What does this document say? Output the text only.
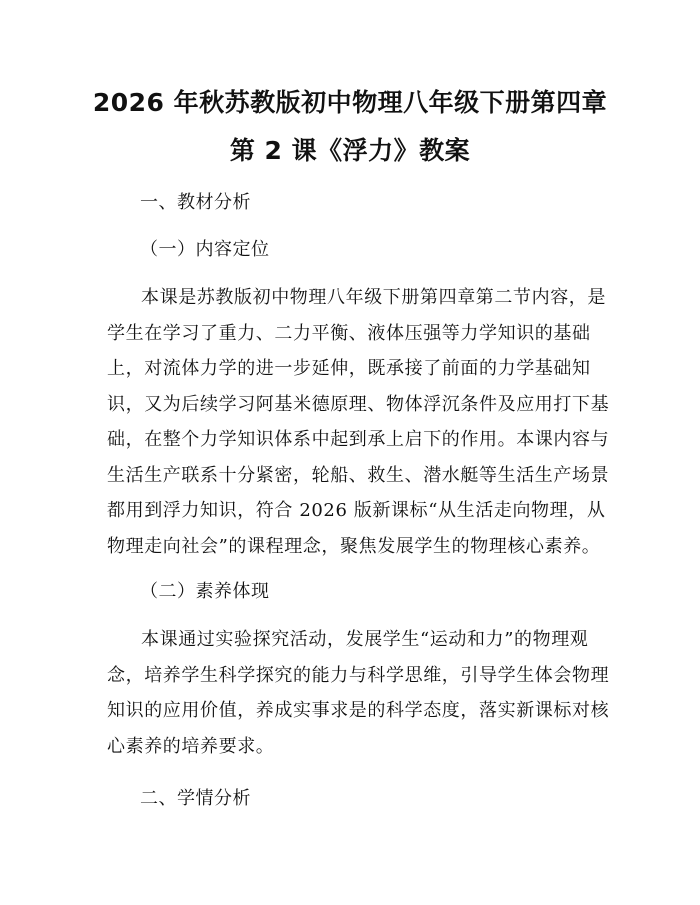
2026 年秋苏教版初中物理八年级下册第四章
第 2 课《浮力》教案
一、教材分析
（一）内容定位
本课是苏教版初中物理八年级下册第四章第二节内容，是
学生在学习了重力、二力平衡、液体压强等力学知识的基础
上，对流体力学的进一步延伸，既承接了前面的力学基础知
识，又为后续学习阿基米德原理、物体浮沉条件及应用打下基
础，在整个力学知识体系中起到承上启下的作用。本课内容与
生活生产联系十分紧密，轮船、救生、潜水艇等生活生产场景
都用到浮力知识，符合 2026 版新课标“从生活走向物理，从
物理走向社会”的课程理念，聚焦发展学生的物理核心素养。
（二）素养体现
本课通过实验探究活动，发展学生“运动和力”的物理观
念，培养学生科学探究的能力与科学思维，引导学生体会物理
知识的应用价值，养成实事求是的科学态度，落实新课标对核
心素养的培养要求。
二、学情分析
